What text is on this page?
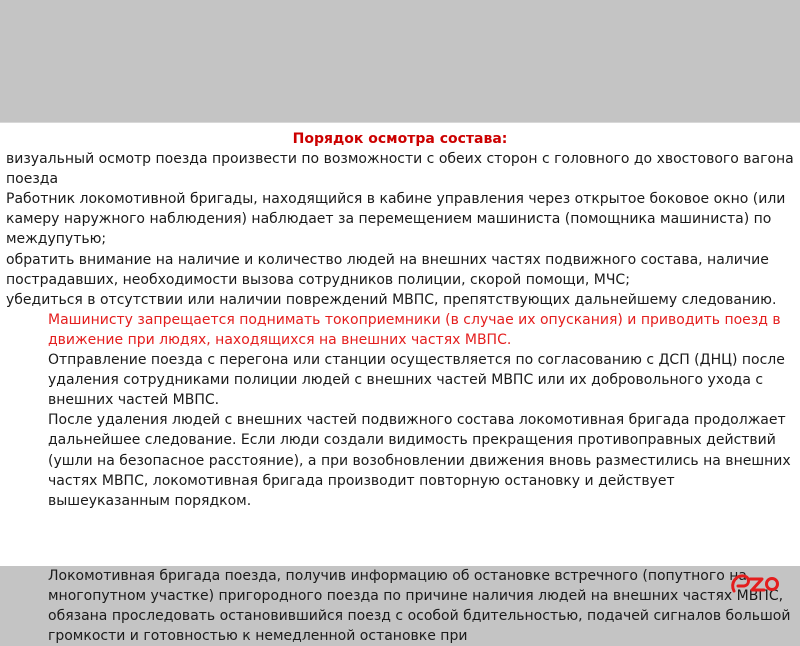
Порядок осмотра состава:
визуальный осмотр поезда произвести по возможности с обеих сторон с головного до хвостового вагона поезда
Работник локомотивной бригады, находящийся в кабине управления через открытое боковое окно (или камеру наружного наблюдения) наблюдает за перемещением машиниста (помощника машиниста) по междупутью;
обратить внимание на наличие и количество людей на внешних частях подвижного состава, наличие пострадавших, необходимости вызова сотрудников полиции, скорой помощи, МЧС;
убедиться в отсутствии или наличии повреждений МВПС, препятствующих дальнейшему следованию.
Машинисту запрещается поднимать токоприемники (в случае их опускания) и приводить поезд в движение при людях, находящихся на внешних частях МВПС.
Отправление поезда с перегона или станции осуществляется по согласованию с ДСП (ДНЦ) после удаления сотрудниками полиции людей с внешних частей МВПС или их добровольного ухода с внешних частей МВПС.
После удаления людей с внешних частей подвижного состава локомотивная бригада продолжает дальнейшее следование. Если люди создали видимость прекращения противоправных действий (ушли на безопасное расстояние), а при возобновлении движения вновь разместились на внешних частях МВПС, локомотивная бригада производит повторную остановку и действует вышеуказанным порядком.
Локомотивная бригада поезда, получив информацию об остановке встречного (попутного на многопутном участке) пригородного поезда по причине наличия людей на внешних частях МВПС, обязана проследовать остановившийся поезд с особой бдительностью, подачей сигналов большой громкости и готовностью к немедленной остановке при
